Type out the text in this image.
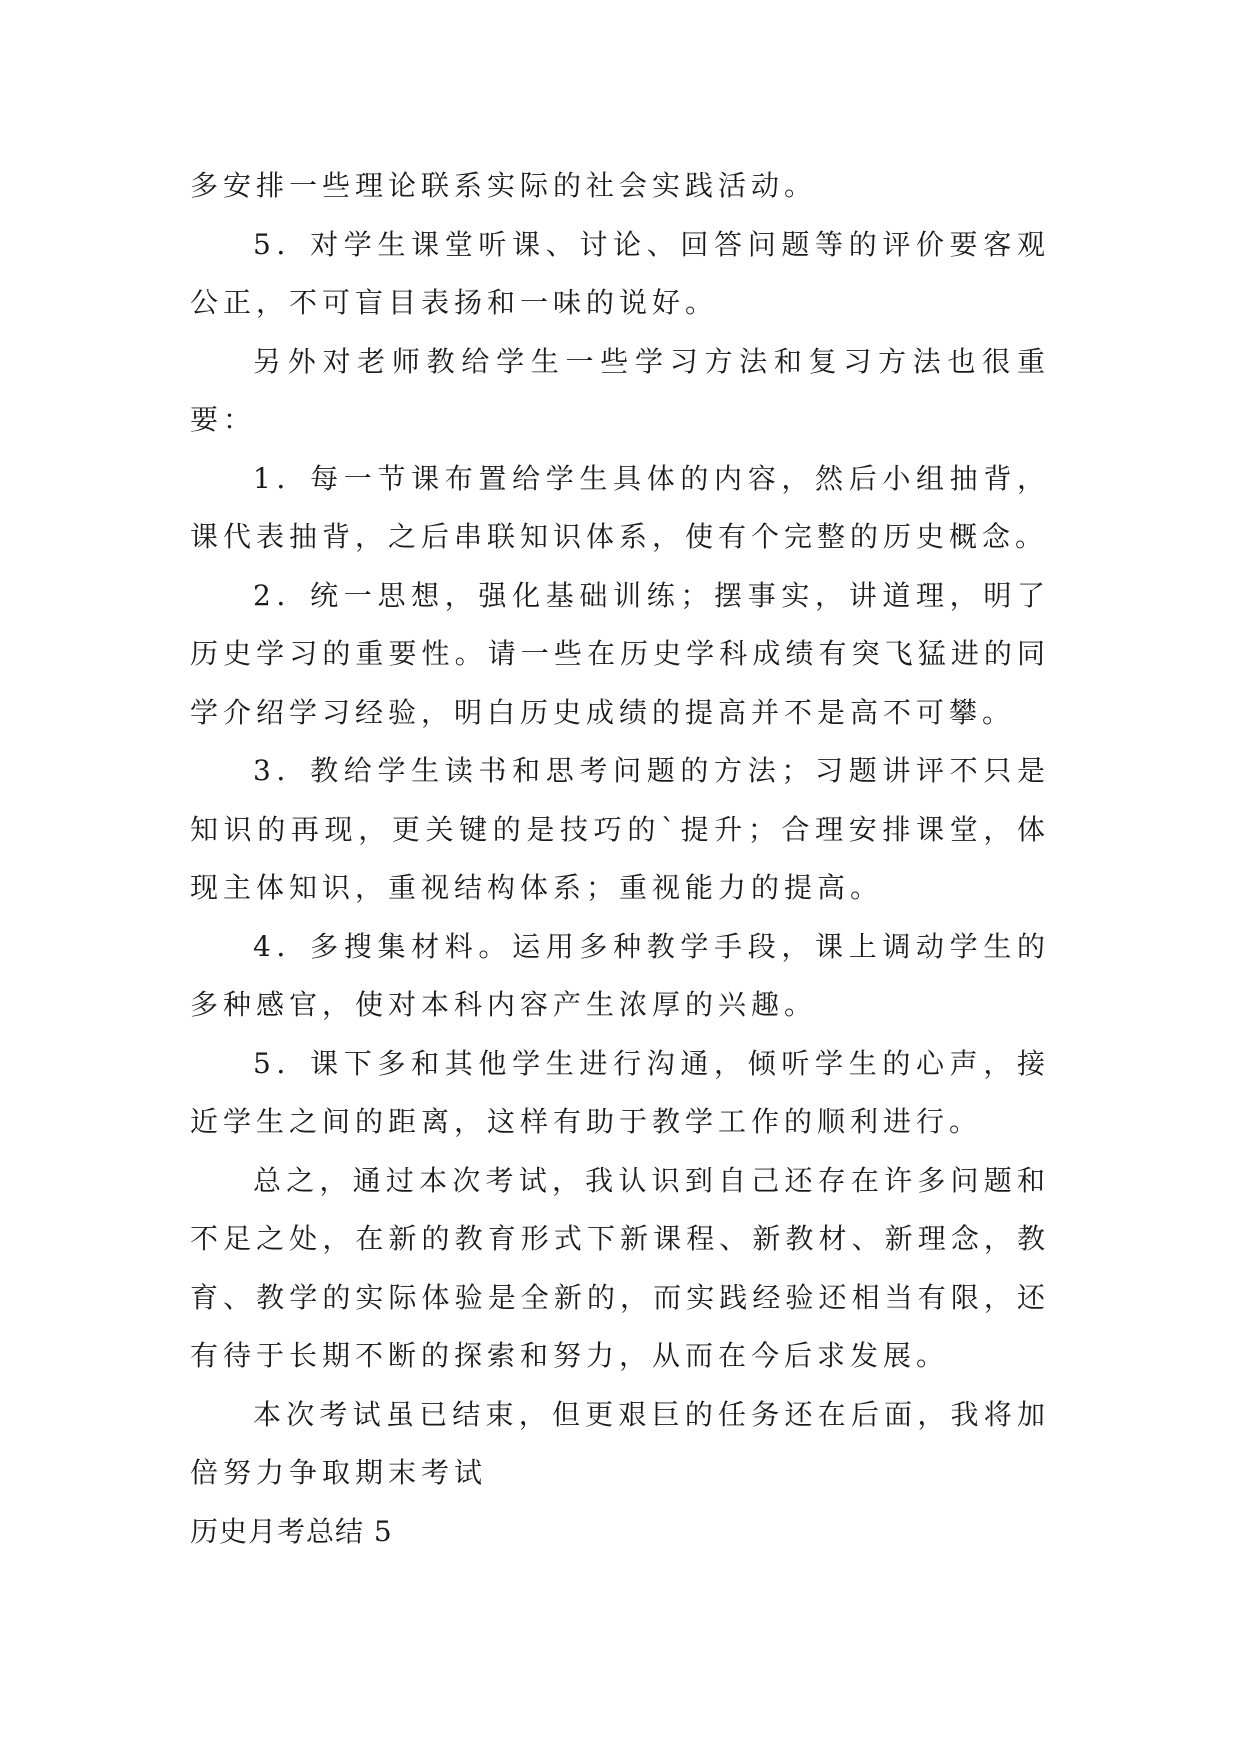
多安排一些理论联系实际的社会实践活动。

5．对学生课堂听课、讨论、回答问题等的评价要客观公正，不可盲目表扬和一味的说好。

另外对老师教给学生一些学习方法和复习方法也很重要：

1．每一节课布置给学生具体的内容，然后小组抽背，课代表抽背，之后串联知识体系，使有个完整的历史概念。

2．统一思想，强化基础训练；摆事实，讲道理，明了历史学习的重要性。请一些在历史学科成绩有突飞猛进的同学介绍学习经验，明白历史成绩的提高并不是高不可攀。

3．教给学生读书和思考问题的方法；习题讲评不只是知识的再现，更关键的是技巧的`提升；合理安排课堂，体现主体知识，重视结构体系；重视能力的提高。

4．多搜集材料。运用多种教学手段，课上调动学生的多种感官，使对本科内容产生浓厚的兴趣。

5．课下多和其他学生进行沟通，倾听学生的心声，接近学生之间的距离，这样有助于教学工作的顺利进行。

总之，通过本次考试，我认识到自己还存在许多问题和不足之处，在新的教育形式下新课程、新教材、新理念，教育、教学的实际体验是全新的，而实践经验还相当有限，还有待于长期不断的探索和努力，从而在今后求发展。

本次考试虽已结束，但更艰巨的任务还在后面，我将加倍努力争取期末考试

历史月考总结 5
